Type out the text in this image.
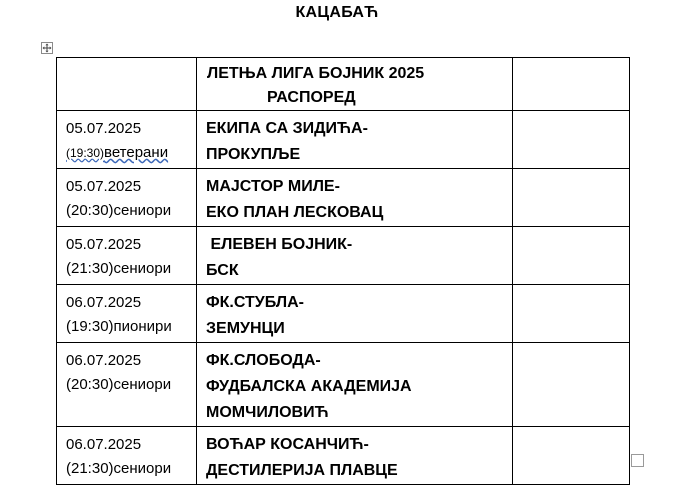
КАЦАБАЋ

	ЛЕТЊА ЛИГА БОЈНИК 2025
РАСПОРЕД	

05.07.2025
(19:30)ветерани	ЕКИПА СА ЗИДИЋА-
ПРОКУПЉЕ	

05.07.2025
(20:30)сениори	МАЈСТОР МИЛЕ-
ЕКО ПЛАН ЛЕСКОВАЦ	

05.07.2025
(21:30)сениори	ЕЛЕВЕН БОЈНИК-
БСК	

06.07.2025
(19:30)пионири	ФК.СТУБЛА-
ЗЕМУНЦИ	

06.07.2025
(20:30)сениори	ФК.СЛОБОДА-
ФУДБАЛСКА АКАДЕМИЈА
МОМЧИЛОВИЋ	

06.07.2025
(21:30)сениори	ВОЋАР КОСАНЧИЋ-
ДЕСТИЛЕРИЈА ПЛАВЦЕ	
